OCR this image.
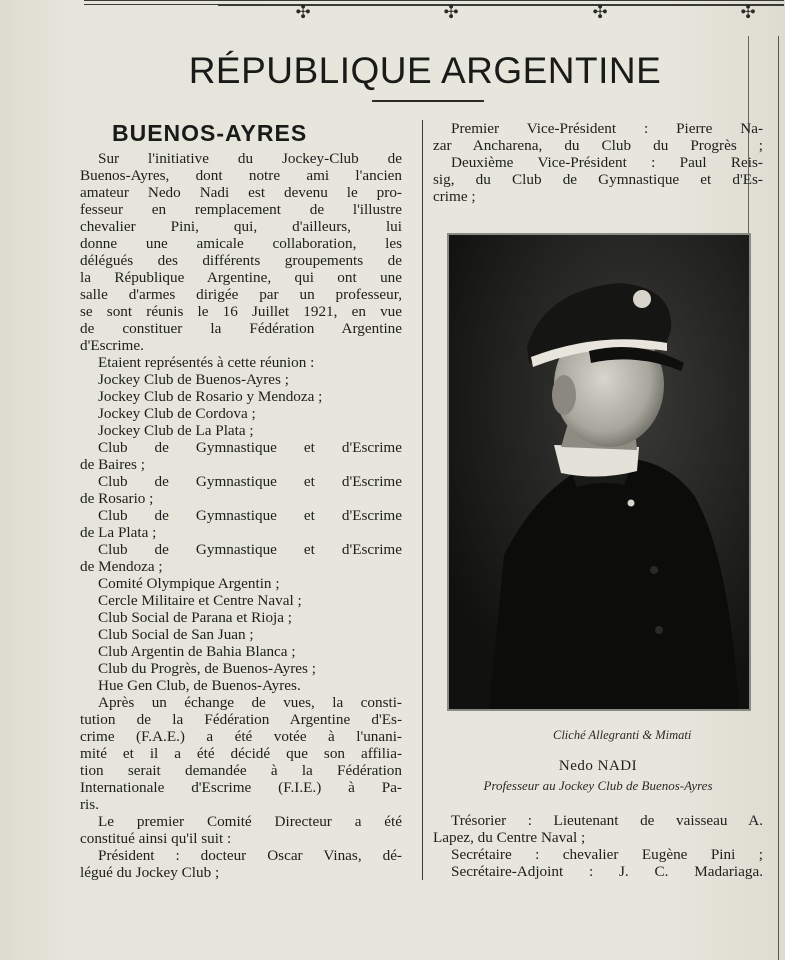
✣	✣	✣	✣
RÉPUBLIQUE ARGENTINE
BUENOS-AYRES
Sur l'initiative du Jockey-Club de
Buenos-Ayres, dont notre ami l'ancien
amateur Nedo Nadi est devenu le pro-
fesseur en remplacement de l'illustre
chevalier Pini, qui, d'ailleurs, lui
donne une amicale collaboration, les
délégués des différents groupements de
la République Argentine, qui ont une
salle d'armes dirigée par un professeur,
se sont réunis le 16 Juillet 1921, en vue
de constituer la Fédération Argentine
d'Escrime.
Etaient représentés à cette réunion :
Jockey Club de Buenos-Ayres ;
Jockey Club de Rosario y Mendoza ;
Jockey Club de Cordova ;
Jockey Club de La Plata ;
Club de Gymnastique et d'Escrime
de Baires ;
Club de Gymnastique et d'Escrime
de Rosario ;
Club de Gymnastique et d'Escrime
de La Plata ;
Club de Gymnastique et d'Escrime
de Mendoza ;
Comité Olympique Argentin ;
Cercle Militaire et Centre Naval ;
Club Social de Parana et Rioja ;
Club Social de San Juan ;
Club Argentin de Bahia Blanca ;
Club du Progrès, de Buenos-Ayres ;
Hue Gen Club, de Buenos-Ayres.
Après un échange de vues, la consti-
tution de la Fédération Argentine d'Es-
crime (F.A.E.) a été votée à l'unani-
mité et il a été décidé que son affilia-
tion serait demandée à la Fédération
Internationale d'Escrime (F.I.E.) à Pa-
ris.
Le premier Comité Directeur a été
constitué ainsi qu'il suit :
Président : docteur Oscar Vinas, dé-
légué du Jockey Club ;
Premier Vice-Président : Pierre Na-
zar Ancharena, du Club du Progrès ;
Deuxième Vice-Président : Paul Reis-
sig, du Club de Gymnastique et d'Es-
crime ;
Cliché Allegranti & Mimati
Nedo NADI
Professeur au Jockey Club de Buenos-Ayres
Trésorier : Lieutenant de vaisseau A.
Lapez, du Centre Naval ;
Secrétaire : chevalier Eugène Pini ;
Secrétaire-Adjoint : J. C. Madariaga.
